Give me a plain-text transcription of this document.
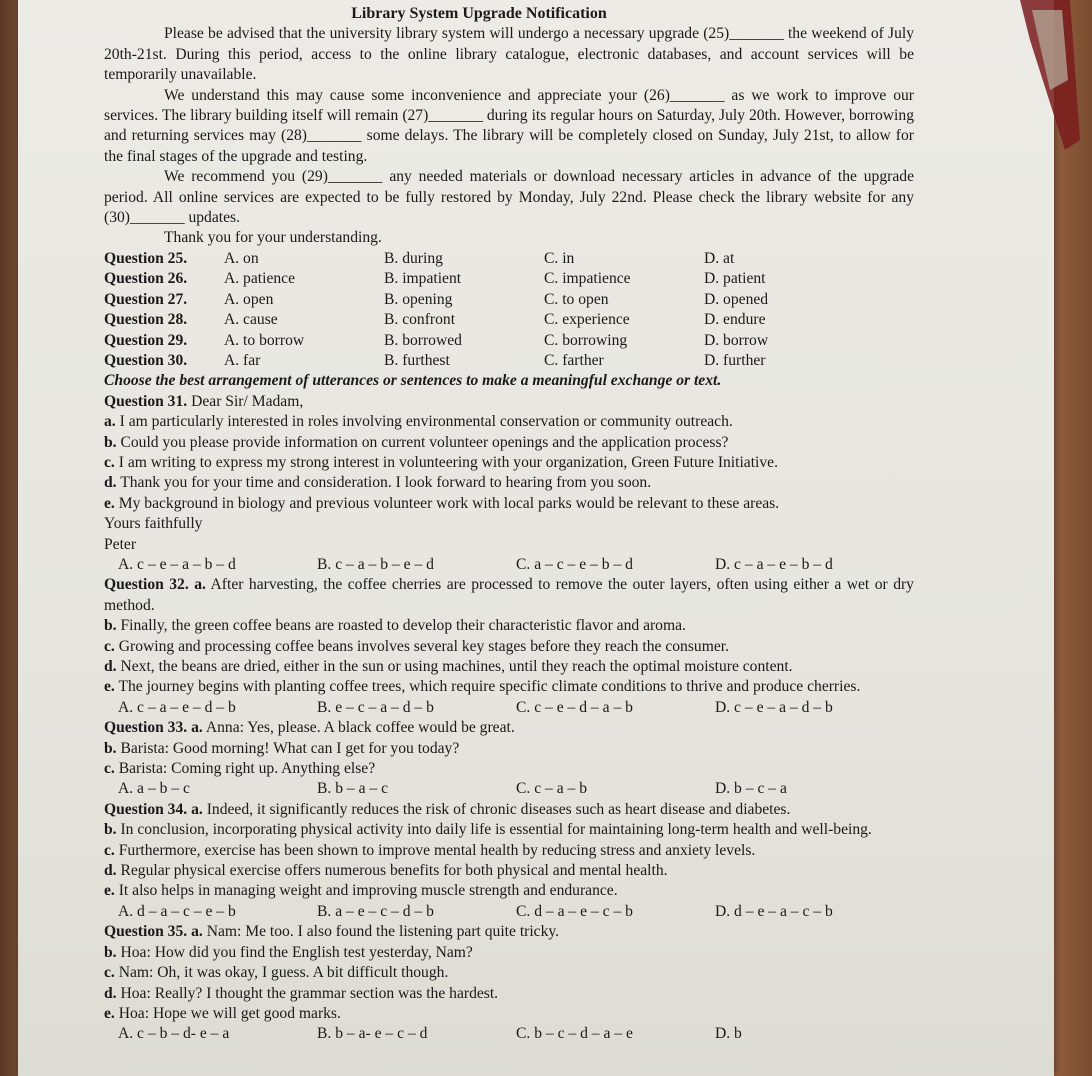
Library System Upgrade Notification

Please be advised that the university library system will undergo a necessary upgrade (25)_______ the weekend of July 20th-21st. During this period, access to the online library catalogue, electronic databases, and account services will be temporarily unavailable.

We understand this may cause some inconvenience and appreciate your (26)_______ as we work to improve our services. The library building itself will remain (27)_______ during its regular hours on Saturday, July 20th. However, borrowing and returning services may (28)_______ some delays. The library will be completely closed on Sunday, July 21st, to allow for the final stages of the upgrade and testing.

We recommend you (29)_______ any needed materials or download necessary articles in advance of the upgrade period. All online services are expected to be fully restored by Monday, July 22nd. Please check the library website for any (30)_______ updates.

Thank you for your understanding.
Question 25.	A. on	B. during	C. in	D. at
Question 26.	A. patience	B. impatient	C. impatience	D. patient
Question 27.	A. open	B. opening	C. to open	D. opened
Question 28.	A. cause	B. confront	C. experience	D. endure
Question 29.	A. to borrow	B. borrowed	C. borrowing	D. borrow
Question 30.	A. far	B. furthest	C. farther	D. further
Choose the best arrangement of utterances or sentences to make a meaningful exchange or text.
Question 31. Dear Sir/ Madam,

a. I am particularly interested in roles involving environmental conservation or community outreach.

b. Could you please provide information on current volunteer openings and the application process?

c. I am writing to express my strong interest in volunteering with your organization, Green Future Initiative.

d. Thank you for your time and consideration. I look forward to hearing from you soon.

e. My background in biology and previous volunteer work with local parks would be relevant to these areas.

Yours faithfully
Peter
A. c – e – a – b – d	B. c – a – b – e – d	C. a – c – e – b – d	D. c – a – e – b – d

Question 32. a. After harvesting, the coffee cherries are processed to remove the outer layers, often using either a wet or dry method.

b. Finally, the green coffee beans are roasted to develop their characteristic flavor and aroma.

c. Growing and processing coffee beans involves several key stages before they reach the consumer.

d. Next, the beans are dried, either in the sun or using machines, until they reach the optimal moisture content.

e. The journey begins with planting coffee trees, which require specific climate conditions to thrive and produce cherries.

A. c – a – e – d – b	B. e – c – a – d – b	C. c – e – d – a – b	D. c – e – a – d – b

Question 33. a. Anna: Yes, please. A black coffee would be great.

b. Barista: Good morning! What can I get for you today?

c. Barista: Coming right up. Anything else?

A. a – b – c	B. b – a – c	C. c – a – b	D. b – c – a

Question 34. a. Indeed, it significantly reduces the risk of chronic diseases such as heart disease and diabetes.

b. In conclusion, incorporating physical activity into daily life is essential for maintaining long-term health and well-being.

c. Furthermore, exercise has been shown to improve mental health by reducing stress and anxiety levels.

d. Regular physical exercise offers numerous benefits for both physical and mental health.

e. It also helps in managing weight and improving muscle strength and endurance.

A. d – a – c – e – b	B. a – e – c – d – b	C. d – a – e – c – b	D. d – e – a – c – b

Question 35. a. Nam: Me too. I also found the listening part quite tricky.

b. Hoa: How did you find the English test yesterday, Nam?

c. Nam: Oh, it was okay, I guess. A bit difficult though.

d. Hoa: Really? I thought the grammar section was the hardest.

e. Hoa: Hope we will get good marks.

A. c – b – d- e – a	B. b – a- e – c – d	C. b – c – d – a – e	D. b
